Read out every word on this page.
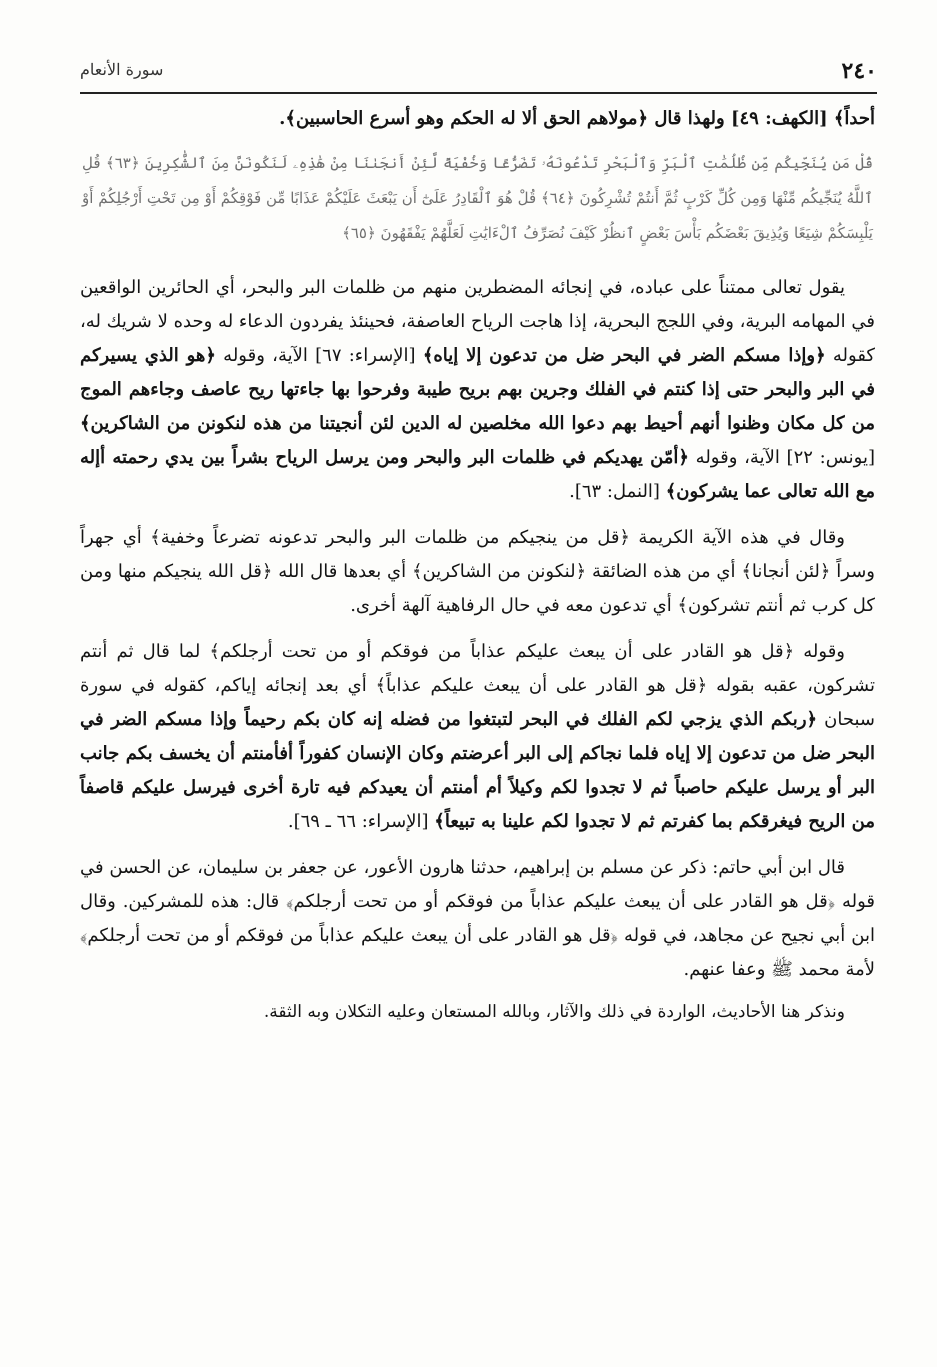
سورة الأنعام	٢٤٠

أحداً﴾ [الكهف: ٤٩] ولهذا قال ﴿مولاهم الحق ألا له الحكم وهو أسرع الحاسبين﴾.

قُلْ مَن يُنَجِّيكُم مِّن ظُلُمَٰتِ ٱلْبَرِّ وَٱلْبَحْرِ تَدْعُونَهُۥ تَضَرُّعًا وَخُفْيَةً لَّئِنْ أَنجَىٰنَا مِنْ هَٰذِهِۦ لَنَكُونَنَّ مِنَ ٱلشَّٰكِرِينَ ﴿٦٣﴾ قُلِ ٱللَّهُ يُنَجِّيكُم مِّنْهَا وَمِن كُلِّ كَرْبٍ ثُمَّ أَنتُمْ تُشْرِكُونَ ﴿٦٤﴾ قُلْ هُوَ ٱلْقَادِرُ عَلَىٰٓ أَن يَبْعَثَ عَلَيْكُمْ عَذَابًا مِّن فَوْقِكُمْ أَوْ مِن تَحْتِ أَرْجُلِكُمْ أَوْ يَلْبِسَكُمْ شِيَعًا وَيُذِيقَ بَعْضَكُم بَأْسَ بَعْضٍ ٱنظُرْ كَيْفَ نُصَرِّفُ ٱلْءَايَٰتِ لَعَلَّهُمْ يَفْقَهُونَ ﴿٦٥﴾

يقول تعالى ممتناً على عباده، في إنجائه المضطرين منهم من ظلمات البر والبحر، أي الحائرين الواقعين في المهامه البرية، وفي اللجج البحرية، إذا هاجت الرياح العاصفة، فحينئذ يفردون الدعاء له وحده لا شريك له، كقوله ﴿وإذا مسكم الضر في البحر ضل من تدعون إلا إياه﴾ [الإسراء: ٦٧] الآية، وقوله ﴿هو الذي يسيركم في البر والبحر حتى إذا كنتم في الفلك وجرين بهم بريح طيبة وفرحوا بها جاءتها ريح عاصف وجاءهم الموج من كل مكان وظنوا أنهم أحيط بهم دعوا الله مخلصين له الدين لئن أنجيتنا من هذه لنكونن من الشاكرين﴾ [يونس: ٢٢] الآية، وقوله ﴿أمّن يهديكم في ظلمات البر والبحر ومن يرسل الرياح بشراً بين يدي رحمته أإله مع الله تعالى عما يشركون﴾ [النمل: ٦٣].

وقال في هذه الآية الكريمة ﴿قل من ينجيكم من ظلمات البر والبحر تدعونه تضرعاً وخفية﴾ أي جهراً وسراً ﴿لئن أنجانا﴾ أي من هذه الضائقة ﴿لنكونن من الشاكرين﴾ أي بعدها قال الله ﴿قل الله ينجيكم منها ومن كل كرب ثم أنتم تشركون﴾ أي تدعون معه في حال الرفاهية آلهة أخرى.

وقوله ﴿قل هو القادر على أن يبعث عليكم عذاباً من فوقكم أو من تحت أرجلكم﴾ لما قال ثم أنتم تشركون، عقبه بقوله ﴿قل هو القادر على أن يبعث عليكم عذاباً﴾ أي بعد إنجائه إياكم، كقوله في سورة سبحان ﴿ربكم الذي يزجي لكم الفلك في البحر لتبتغوا من فضله إنه كان بكم رحيماً وإذا مسكم الضر في البحر ضل من تدعون إلا إياه فلما نجاكم إلى البر أعرضتم وكان الإنسان كفوراً أفأمنتم أن يخسف بكم جانب البر أو يرسل عليكم حاصباً ثم لا تجدوا لكم وكيلاً أم أمنتم أن يعيدكم فيه تارة أخرى فيرسل عليكم قاصفاً من الريح فيغرقكم بما كفرتم ثم لا تجدوا لكم علينا به تبيعاً﴾ [الإسراء: ٦٦ ـ ٦٩].

قال ابن أبي حاتم: ذكر عن مسلم بن إبراهيم، حدثنا هارون الأعور، عن جعفر بن سليمان، عن الحسن في قوله ﴿قل هو القادر على أن يبعث عليكم عذاباً من فوقكم أو من تحت أرجلكم﴾ قال: هذه للمشركين. وقال ابن أبي نجيح عن مجاهد، في قوله ﴿قل هو القادر على أن يبعث عليكم عذاباً من فوقكم أو من تحت أرجلكم﴾ لأمة محمد ﷺ وعفا عنهم.

ونذكر هنا الأحاديث، الواردة في ذلك والآثار، وبالله المستعان وعليه التكلان وبه الثقة.
